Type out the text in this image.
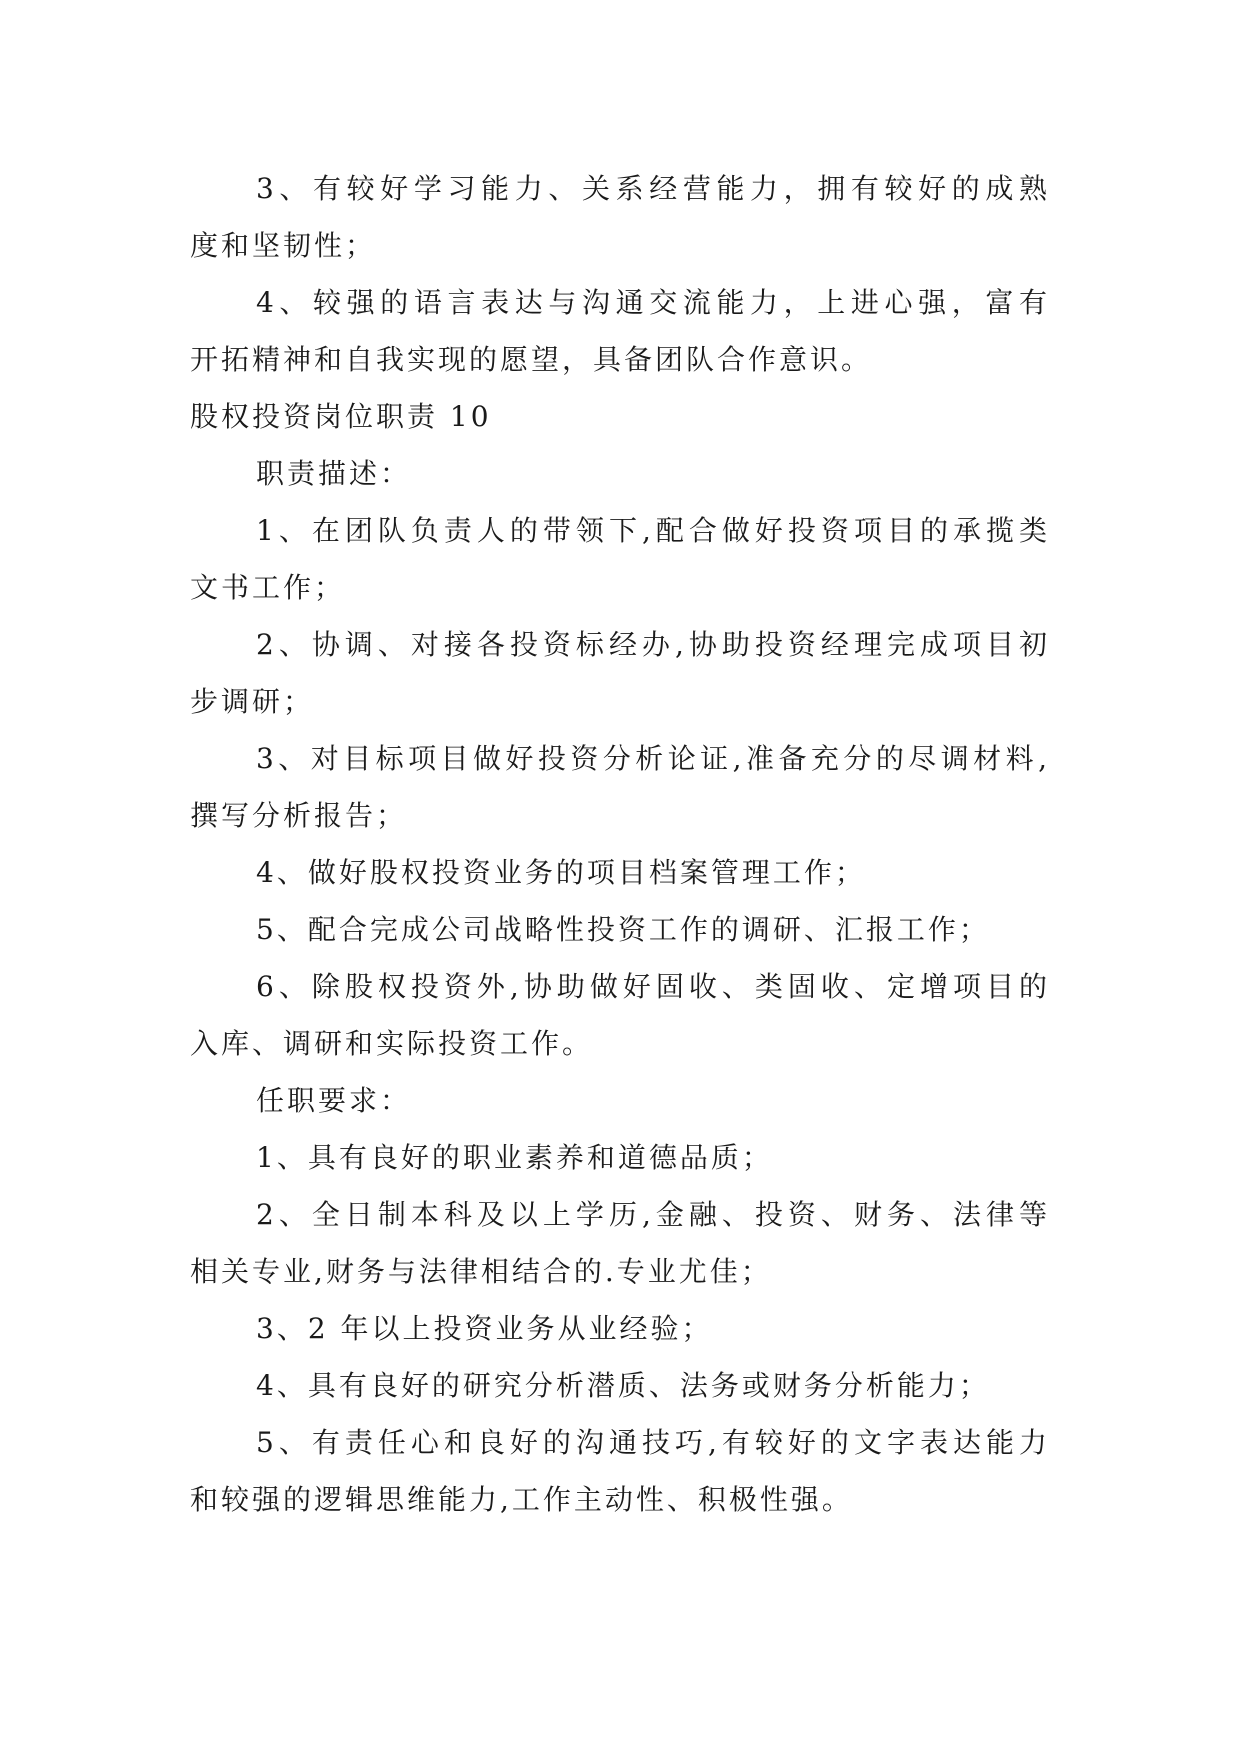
3、有较好学习能力、关系经营能力，拥有较好的成熟

度和坚韧性；

4、较强的语言表达与沟通交流能力，上进心强，富有

开拓精神和自我实现的愿望，具备团队合作意识。

股权投资岗位职责 10

职责描述：

1、在团队负责人的带领下,配合做好投资项目的承揽类

文书工作；

2、协调、对接各投资标经办,协助投资经理完成项目初

步调研；

3、对目标项目做好投资分析论证,准备充分的尽调材料,

撰写分析报告；

4、做好股权投资业务的项目档案管理工作；

5、配合完成公司战略性投资工作的调研、汇报工作；

6、除股权投资外,协助做好固收、类固收、定增项目的

入库、调研和实际投资工作。

任职要求：

1、具有良好的职业素养和道德品质；

2、全日制本科及以上学历,金融、投资、财务、法律等

相关专业,财务与法律相结合的.专业尤佳；

3、2 年以上投资业务从业经验；

4、具有良好的研究分析潜质、法务或财务分析能力；

5、有责任心和良好的沟通技巧,有较好的文字表达能力

和较强的逻辑思维能力,工作主动性、积极性强。
